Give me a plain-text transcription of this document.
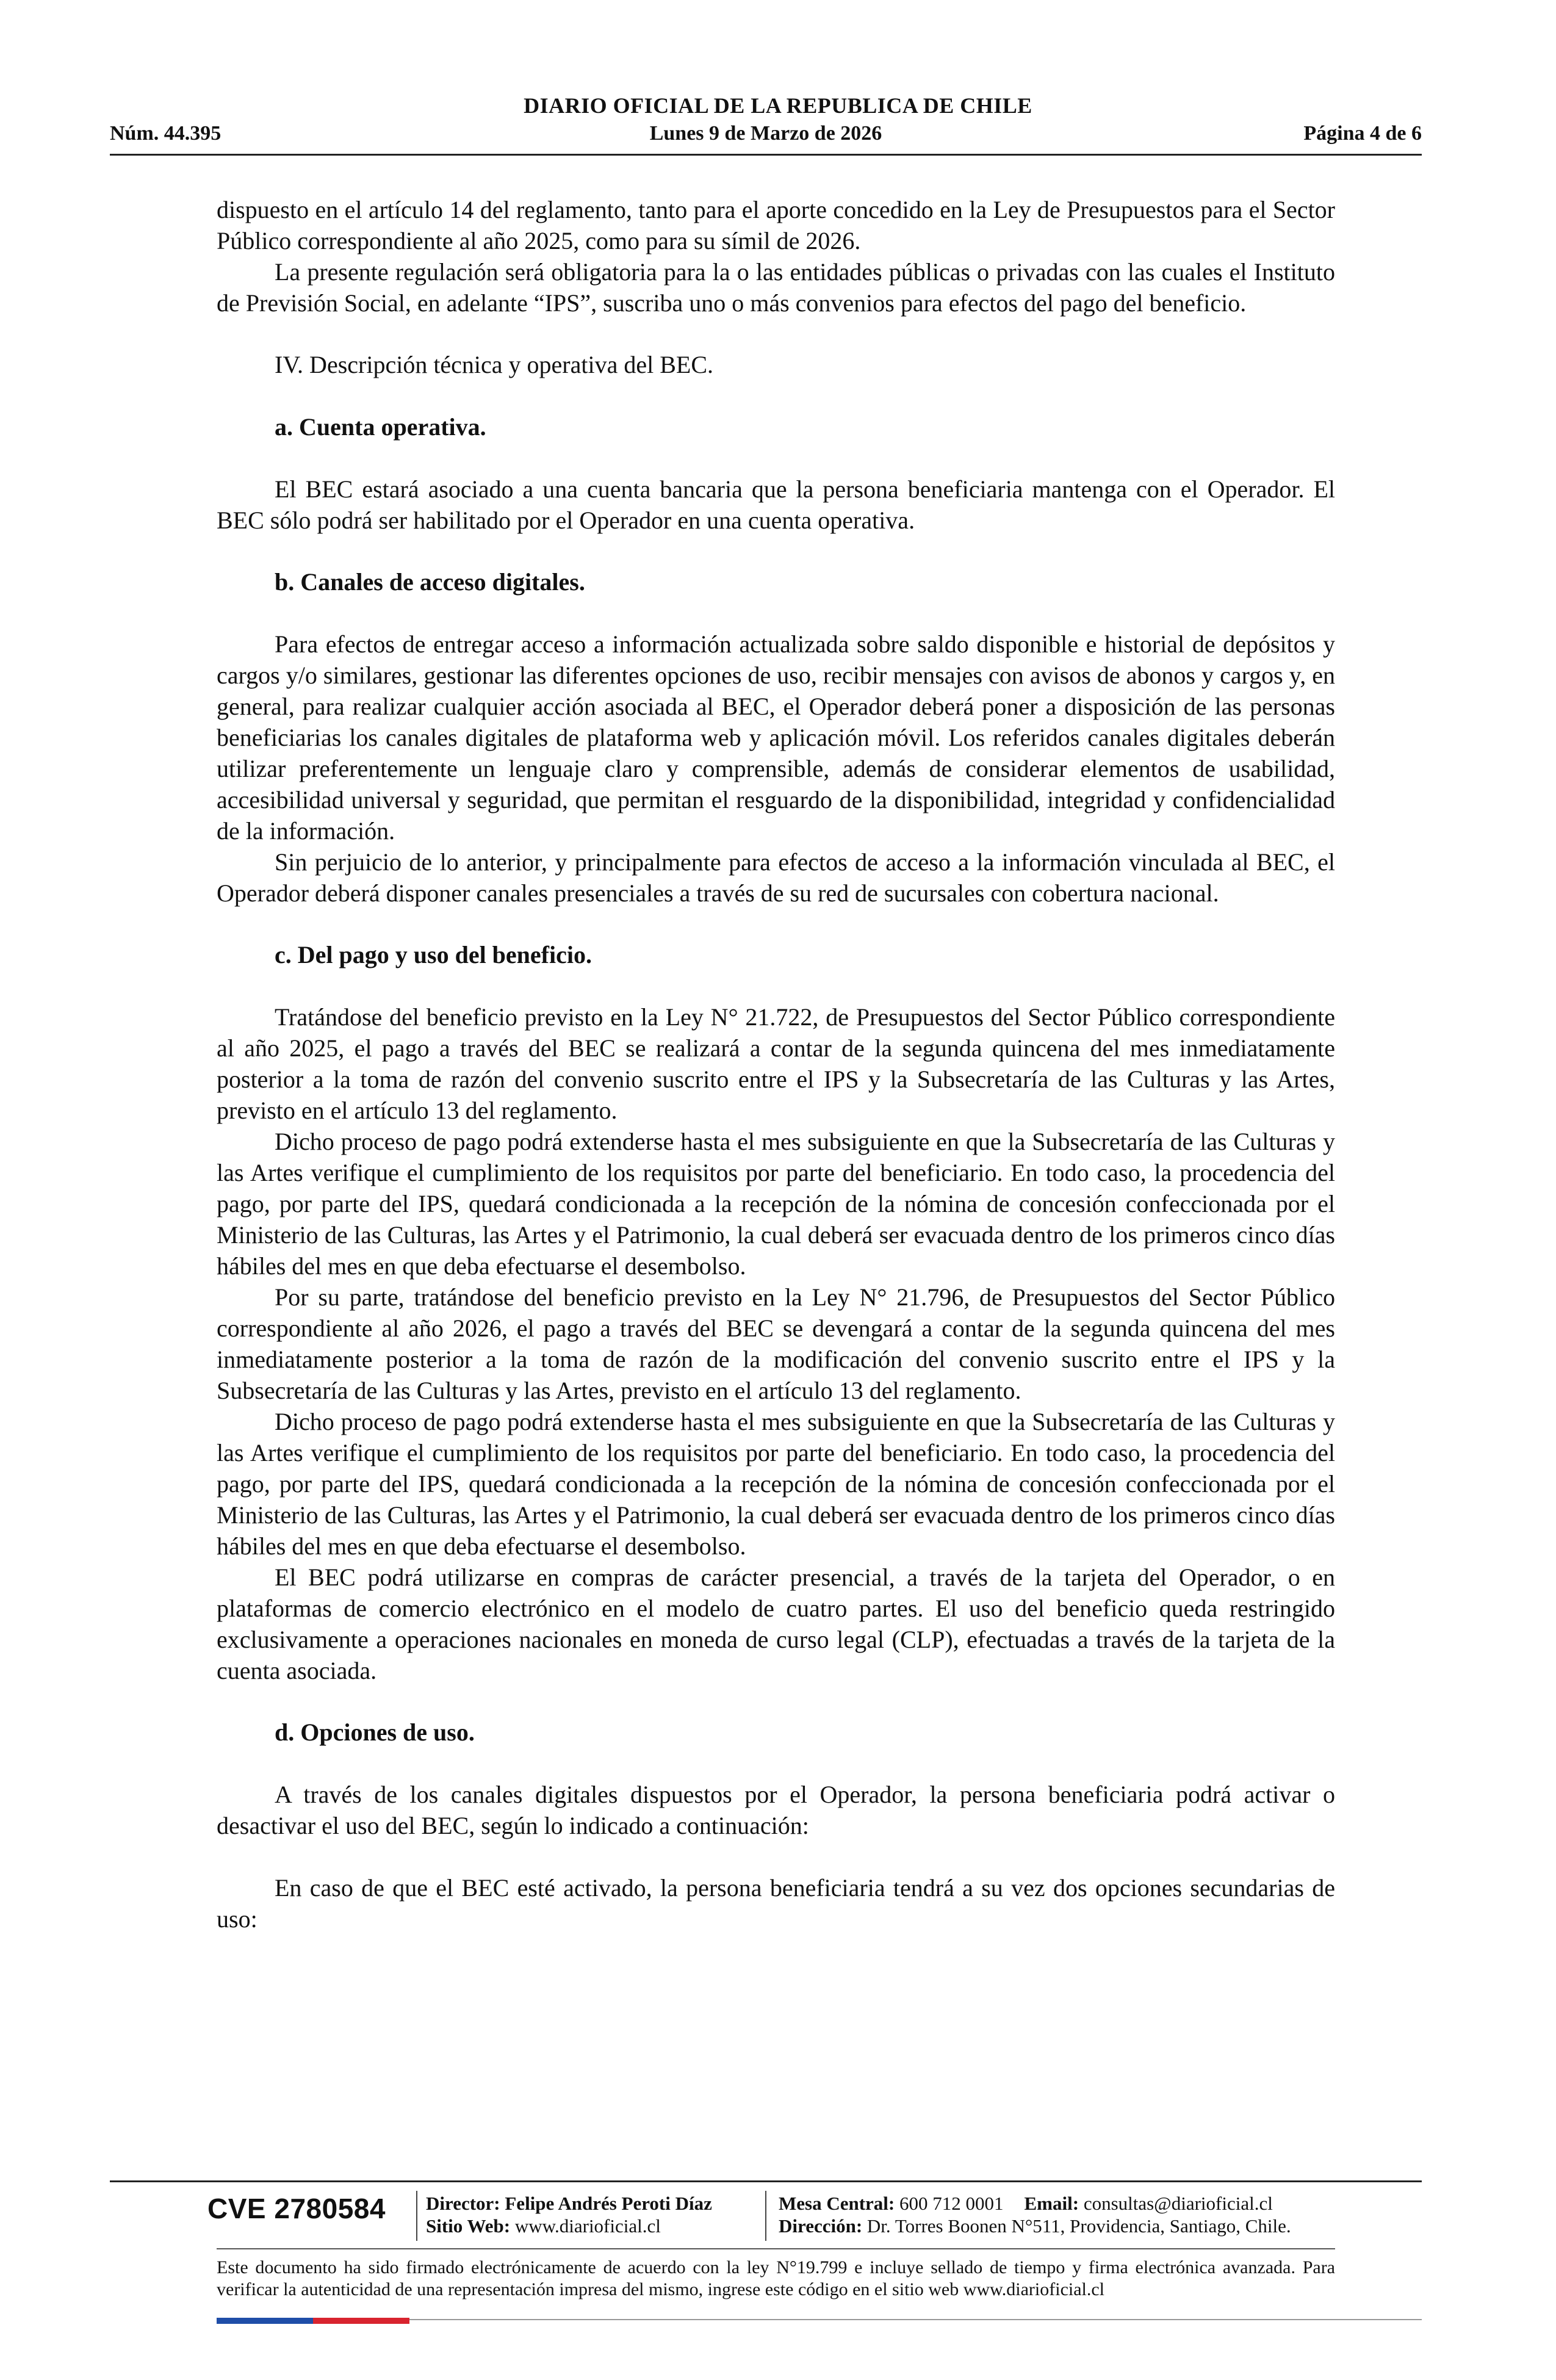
DIARIO OFICIAL DE LA REPUBLICA DE CHILE
Núm. 44.395	Lunes 9 de Marzo de 2026	Página 4 de 6

dispuesto en el artículo 14 del reglamento, tanto para el aporte concedido en la Ley de Presupuestos para el Sector Público correspondiente al año 2025, como para su símil de 2026.

La presente regulación será obligatoria para la o las entidades públicas o privadas con las cuales el Instituto de Previsión Social, en adelante “IPS”, suscriba uno o más convenios para efectos del pago del beneficio.

IV. Descripción técnica y operativa del BEC.

a. Cuenta operativa.

El BEC estará asociado a una cuenta bancaria que la persona beneficiaria mantenga con el Operador. El BEC sólo podrá ser habilitado por el Operador en una cuenta operativa.

b. Canales de acceso digitales.

Para efectos de entregar acceso a información actualizada sobre saldo disponible e historial de depósitos y cargos y/o similares, gestionar las diferentes opciones de uso, recibir mensajes con avisos de abonos y cargos y, en general, para realizar cualquier acción asociada al BEC, el Operador deberá poner a disposición de las personas beneficiarias los canales digitales de plataforma web y aplicación móvil. Los referidos canales digitales deberán utilizar preferentemente un lenguaje claro y comprensible, además de considerar elementos de usabilidad, accesibilidad universal y seguridad, que permitan el resguardo de la disponibilidad, integridad y confidencialidad de la información.

Sin perjuicio de lo anterior, y principalmente para efectos de acceso a la información vinculada al BEC, el Operador deberá disponer canales presenciales a través de su red de sucursales con cobertura nacional.

c. Del pago y uso del beneficio.

Tratándose del beneficio previsto en la Ley N° 21.722, de Presupuestos del Sector Público correspondiente al año 2025, el pago a través del BEC se realizará a contar de la segunda quincena del mes inmediatamente posterior a la toma de razón del convenio suscrito entre el IPS y la Subsecretaría de las Culturas y las Artes, previsto en el artículo 13 del reglamento.

Dicho proceso de pago podrá extenderse hasta el mes subsiguiente en que la Subsecretaría de las Culturas y las Artes verifique el cumplimiento de los requisitos por parte del beneficiario. En todo caso, la procedencia del pago, por parte del IPS, quedará condicionada a la recepción de la nómina de concesión confeccionada por el Ministerio de las Culturas, las Artes y el Patrimonio, la cual deberá ser evacuada dentro de los primeros cinco días hábiles del mes en que deba efectuarse el desembolso.

Por su parte, tratándose del beneficio previsto en la Ley N° 21.796, de Presupuestos del Sector Público correspondiente al año 2026, el pago a través del BEC se devengará a contar de la segunda quincena del mes inmediatamente posterior a la toma de razón de la modificación del convenio suscrito entre el IPS y la Subsecretaría de las Culturas y las Artes, previsto en el artículo 13 del reglamento.

Dicho proceso de pago podrá extenderse hasta el mes subsiguiente en que la Subsecretaría de las Culturas y las Artes verifique el cumplimiento de los requisitos por parte del beneficiario. En todo caso, la procedencia del pago, por parte del IPS, quedará condicionada a la recepción de la nómina de concesión confeccionada por el Ministerio de las Culturas, las Artes y el Patrimonio, la cual deberá ser evacuada dentro de los primeros cinco días hábiles del mes en que deba efectuarse el desembolso.

El BEC podrá utilizarse en compras de carácter presencial, a través de la tarjeta del Operador, o en plataformas de comercio electrónico en el modelo de cuatro partes. El uso del beneficio queda restringido exclusivamente a operaciones nacionales en moneda de curso legal (CLP), efectuadas a través de la tarjeta de la cuenta asociada.

d. Opciones de uso.

A través de los canales digitales dispuestos por el Operador, la persona beneficiaria podrá activar o desactivar el uso del BEC, según lo indicado a continuación:

En caso de que el BEC esté activado, la persona beneficiaria tendrá a su vez dos opciones secundarias de uso:

CVE 2780584 Director: Felipe Andrés Peroti Díaz
Sitio Web: www.diarioficial.cl
Mesa Central: 600 712 0001 Email: consultas@diarioficial.cl
Dirección: Dr. Torres Boonen N°511, Providencia, Santiago, Chile.
Este documento ha sido firmado electrónicamente de acuerdo con la ley N°19.799 e incluye sellado de tiempo y firma electrónica avanzada. Para verificar la autenticidad de una representación impresa del mismo, ingrese este código en el sitio web www.diarioficial.cl
